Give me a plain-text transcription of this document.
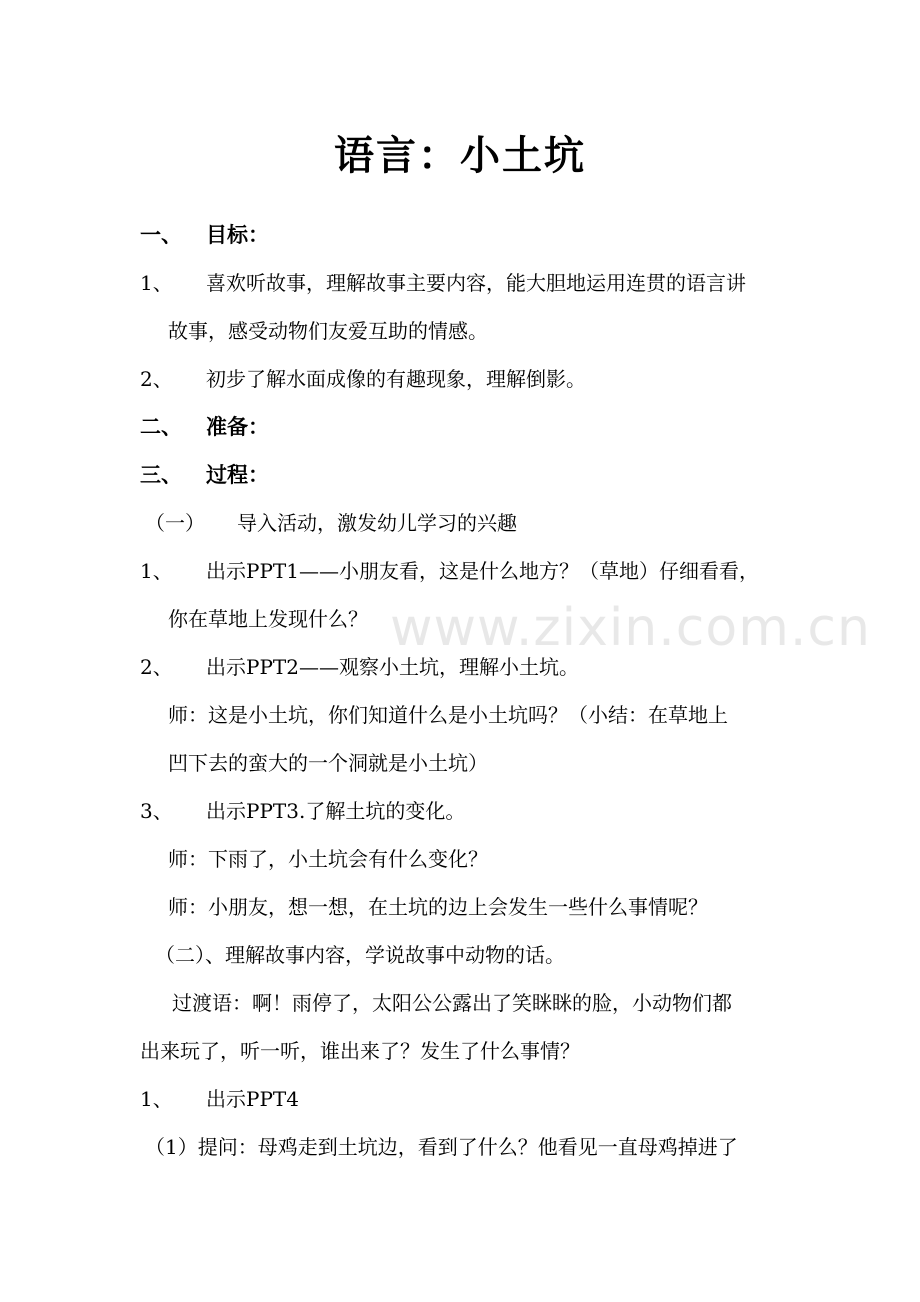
语言：小土坑
一、 目标：
1、 喜欢听故事，理解故事主要内容，能大胆地运用连贯的语言讲
故事，感受动物们友爱互助的情感。
2、 初步了解水面成像的有趣现象，理解倒影。
二、 准备：
三、 过程：
（一） 导入活动，激发幼儿学习的兴趣
1、 出示PPT1——小朋友看，这是什么地方？（草地）仔细看看，
你在草地上发现什么？
2、 出示PPT2——观察小土坑，理解小土坑。
师：这是小土坑，你们知道什么是小土坑吗？（小结：在草地上
凹下去的蛮大的一个洞就是小土坑）
3、 出示PPT3.了解土坑的变化。
师：下雨了，小土坑会有什么变化？
师：小朋友，想一想，在土坑的边上会发生一些什么事情呢？
（二）、理解故事内容，学说故事中动物的话。
过渡语：啊！雨停了，太阳公公露出了笑眯眯的脸，小动物们都
出来玩了，听一听，谁出来了？发生了什么事情？
1、 出示PPT4
（1）提问：母鸡走到土坑边，看到了什么？他看见一直母鸡掉进了
www.zixin.com.cn
